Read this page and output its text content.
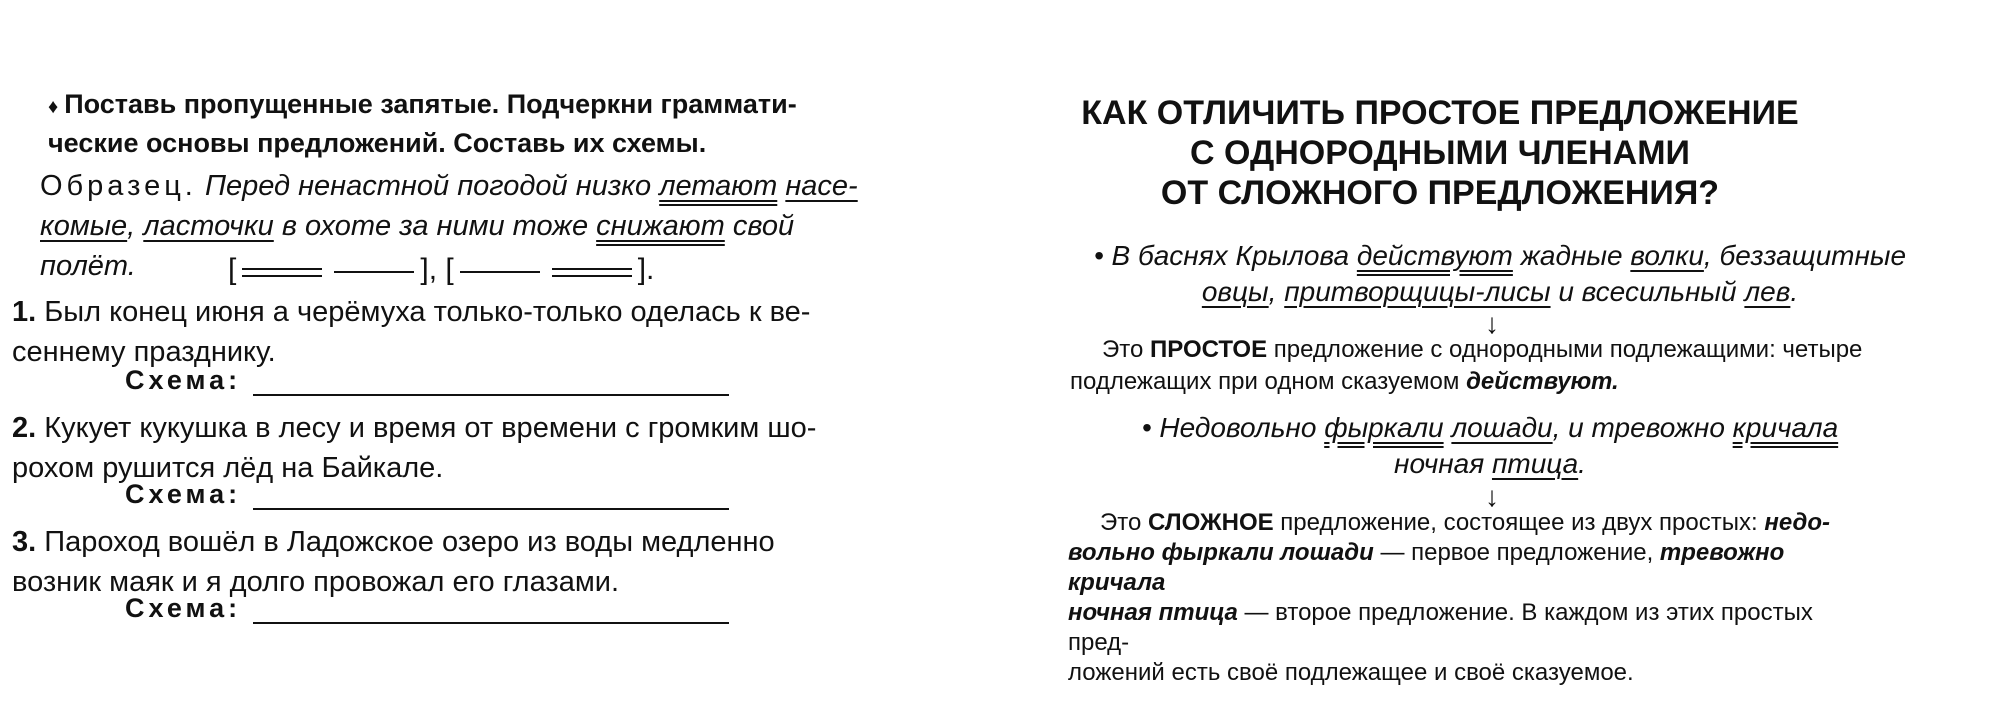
♦ Поставь пропущенные запятые. Подчеркни граммати-
ческие основы предложений. Составь их схемы.
Образец. Перед ненастной погодой низко летают насе-
комые, ласточки в охоте за ними тоже снижают свой полёт.	[	] , [	].
1. Был конец июня а черёмуха только-только оделась к ве-
сеннему празднику.
Схема:
2. Кукует кукушка в лесу и время от времени с громким шо-
рохом рушится лёд на Байкале.
Схема:
3. Пароход вошёл в Ладожское озеро из воды медленно
возник маяк и я долго провожал его глазами.
Схема:
КАК ОТЛИЧИТЬ ПРОСТОЕ ПРЕДЛОЖЕНИЕ
С ОДНОРОДНЫМИ ЧЛЕНАМИ
ОТ СЛОЖНОГО ПРЕДЛОЖЕНИЯ?
• В баснях Крылова действуют жадные волки, беззащитные
овцы, притворщицы-лисы и всесильный лев.
↓
Это ПРОСТОЕ предложение с однородными подлежащими: четыре
подлежащих при одном сказуемом действуют.
• Недовольно фыркали лошади, и тревожно кричала
ночная птица.
↓
Это СЛОЖНОЕ предложение, состоящее из двух простых: недо-
вольно фыркали лошади — первое предложение, тревожно кричала
ночная птица — второе предложение. В каждом из этих простых пред-
ложений есть своё подлежащее и своё сказуемое.
